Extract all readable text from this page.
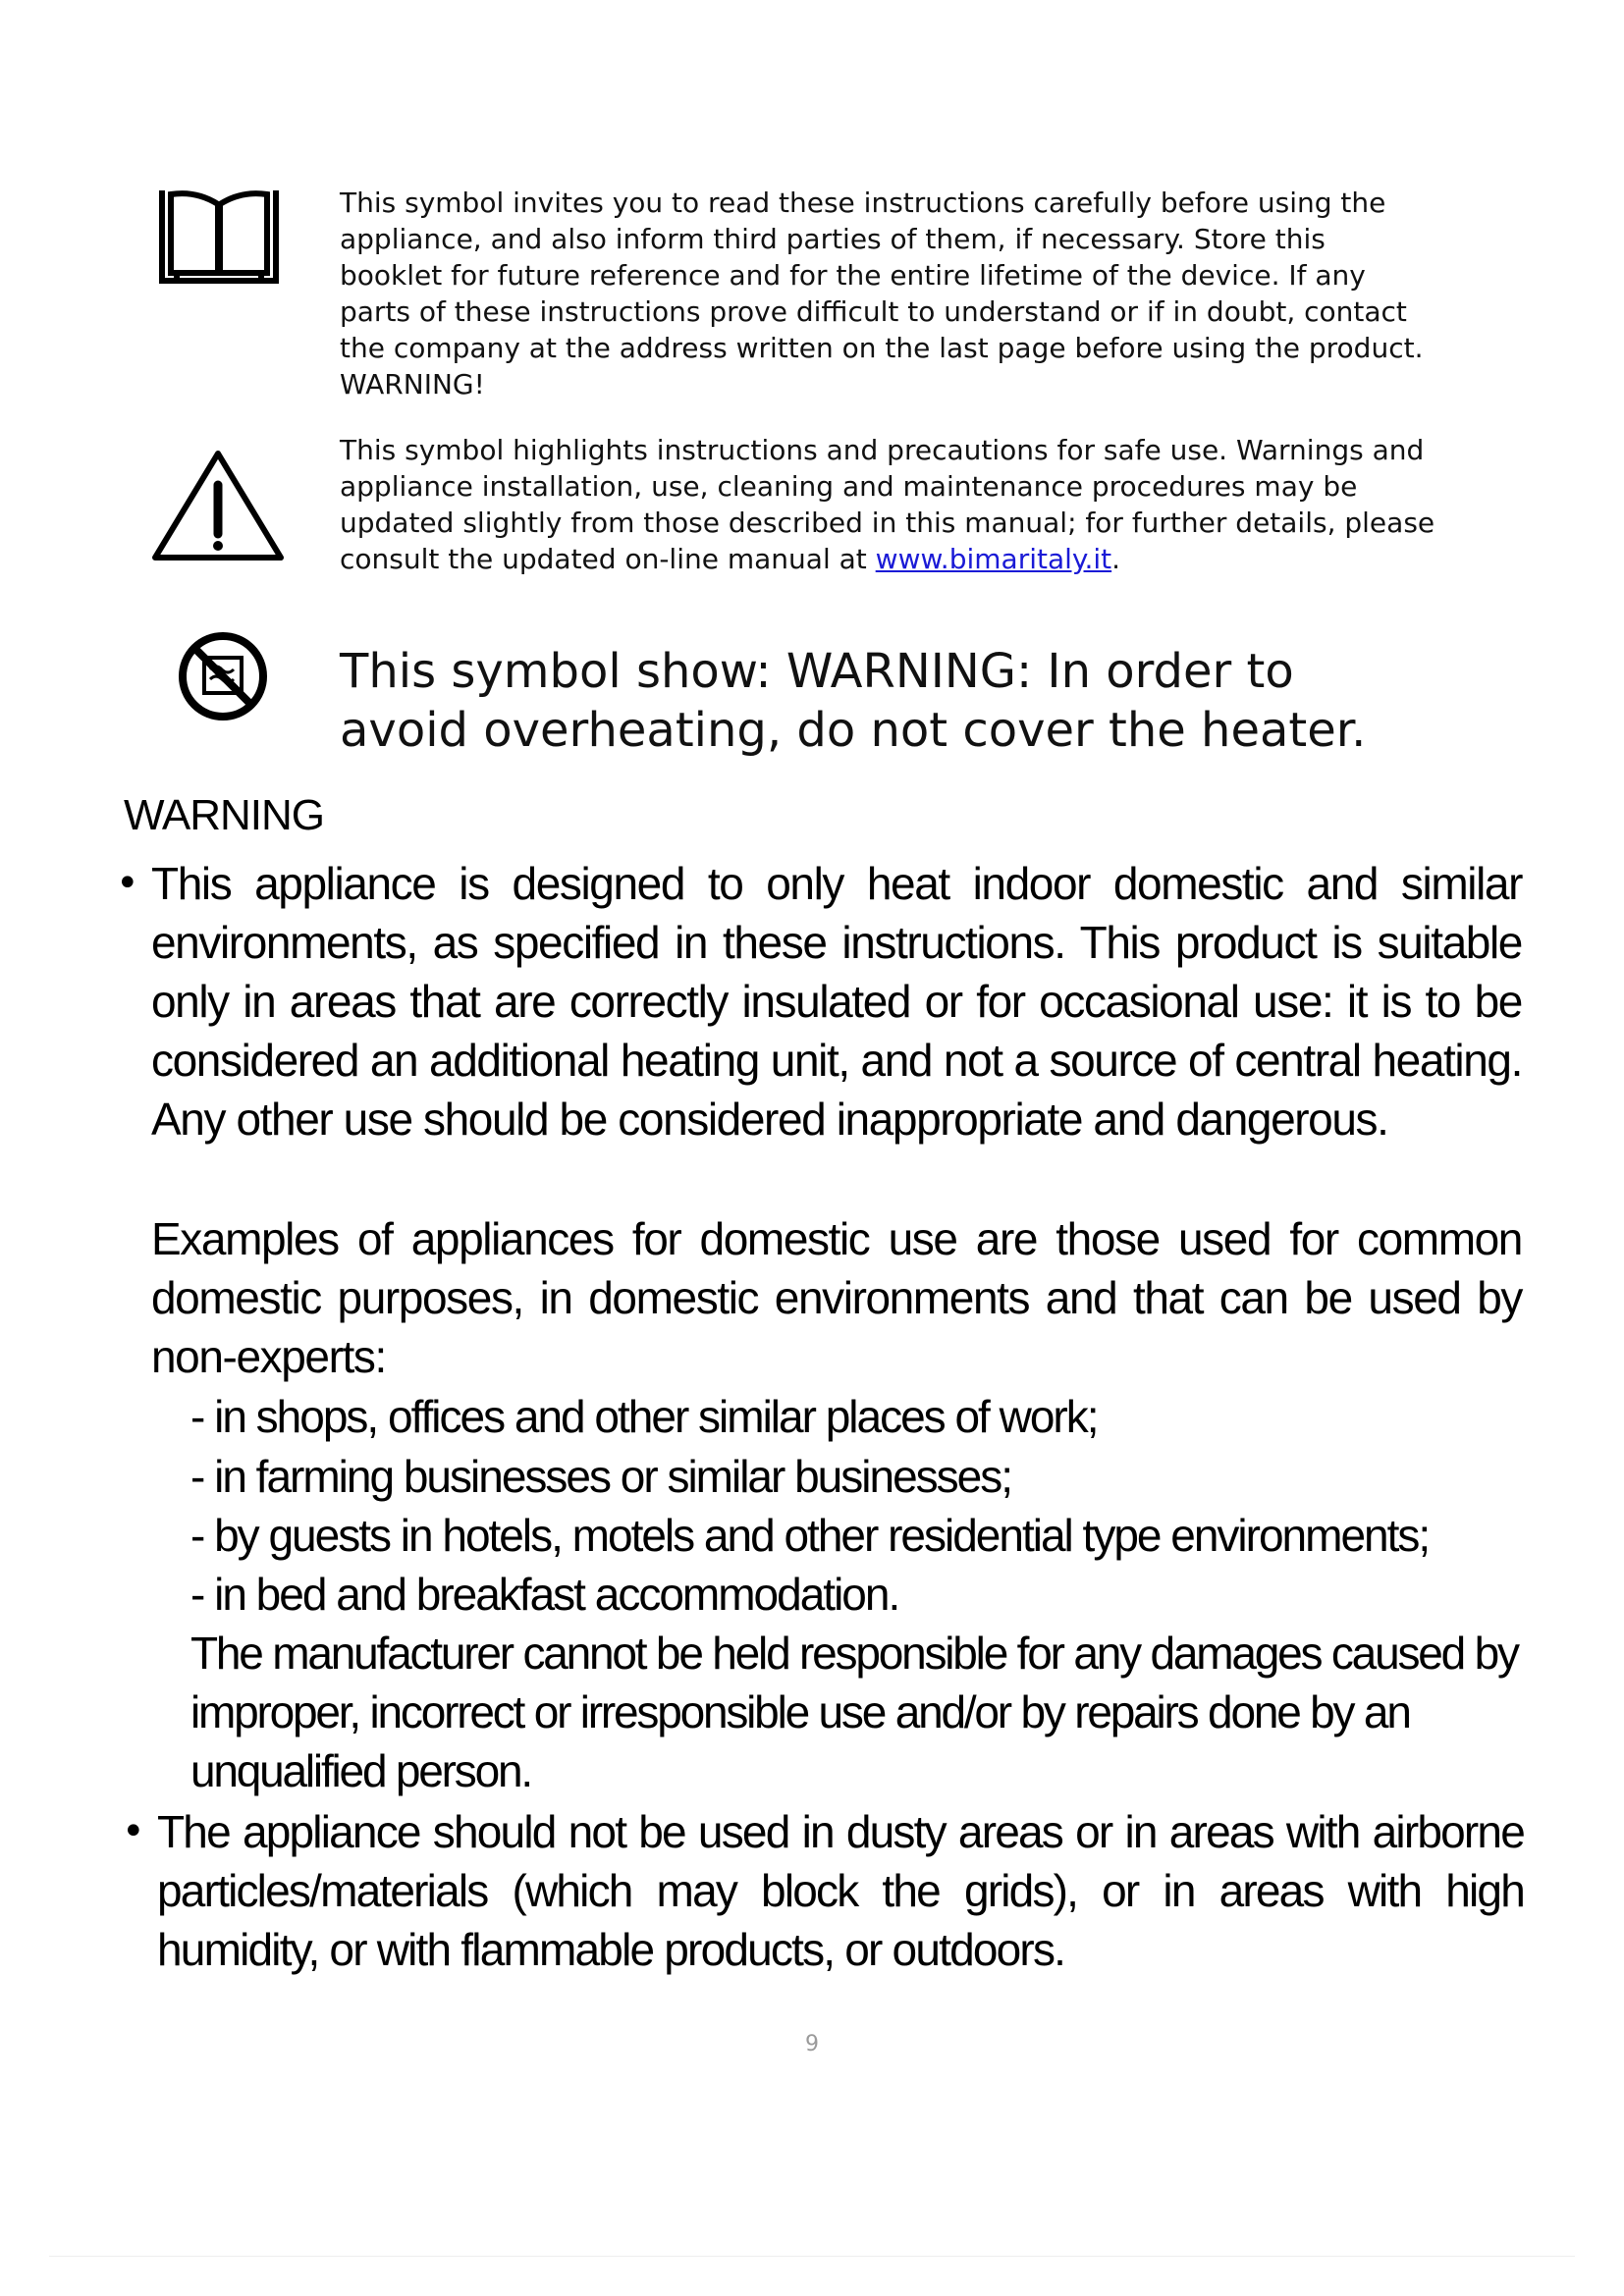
This symbol invites you to read these instructions carefully before using the
appliance, and also inform third parties of them, if necessary. Store this
booklet for future reference and for the entire lifetime of the device. If any
parts of these instructions prove difficult to understand or if in doubt, contact
the company at the address written on the last page before using the product.
WARNING!
This symbol highlights instructions and precautions for safe use. Warnings and
appliance installation, use, cleaning and maintenance procedures may be
updated slightly from those described in this manual; for further details, please
consult the updated on-line manual at www.bimaritaly.it.
This symbol show: WARNING: In order to
avoid overheating, do not cover the heater.
WARNING
• This appliance is designed to only heat indoor domestic and similar environments, as specified in these instructions. This product is suitable only in areas that are correctly insulated or for occasional use: it is to be considered an additional heating unit, and not a source of central heating. Any other use should be considered inappropriate and dangerous.
Examples of appliances for domestic use are those used for common domestic purposes, in domestic environments and that can be used by non-experts:
- in shops, offices and other similar places of work;
- in farming businesses or similar businesses;
- by guests in hotels, motels and other residential type environments;
- in bed and breakfast accommodation.
The manufacturer cannot be held responsible for any damages caused by improper, incorrect or irresponsible use and/or by repairs done by an unqualified person.
• The appliance should not be used in dusty areas or in areas with airborne particles/materials (which may block the grids), or in areas with high humidity, or with flammable products, or outdoors.
9
